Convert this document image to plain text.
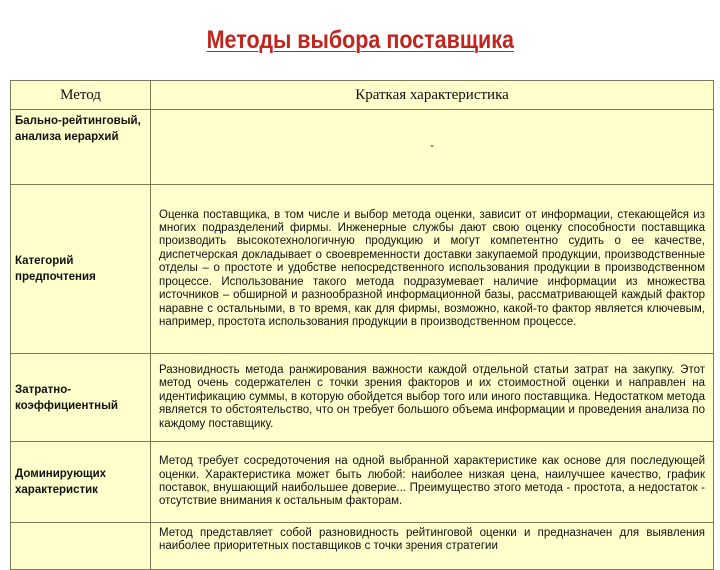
Методы выбора поставщика
Метод	Краткая характеристика
Бально-рейтинговый, анализа иерархий	-
Категорий предпочтения	Оценка поставщика, в том числе и выбор метода оценки, зависит от информации, стекающейся из многих подразделений фирмы. Инженерные службы дают свою оценку способности поставщика производить высокотехнологичную продукцию и могут компетентно судить о ее качестве, диспетчерская докладывает о своевременности доставки закупаемой продукции, производственные отделы – о простоте и удобстве непосредственного использования продукции в производственном процессе. Использование такого метода подразумевает наличие информации из множества источников – обширной и разнообразной информационной базы, рассматривающей каждый фактор наравне с остальными, в то время, как для фирмы, возможно, какой-то фактор является ключевым, например, простота использования продукции в производственном процессе.
Затратно-коэффициентный	Разновидность метода ранжирования важности каждой отдельной статьи затрат на закупку. Этот метод очень содержателен с точки зрения факторов и их стоимостной оценки и направлен на идентификацию суммы, в которую обойдется выбор того или иного поставщика. Недостатком метода является то обстоятельство, что он требует большого объема информации и проведения анализа по каждому поставщику.
Доминирующих характеристик	Метод требует сосредоточения на одной выбранной характеристике как основе для последующей оценки. Характеристика может быть любой: наиболее низкая цена, наилучшее качество, график поставок, внушающий наибольшее доверие... Преимущество этого метода - простота, а недостаток - отсутствие внимания к остальным факторам.
	Метод представляет собой разновидность рейтинговой оценки и предназначен для выявления наиболее приоритетных поставщиков с точки зрения стратегии
